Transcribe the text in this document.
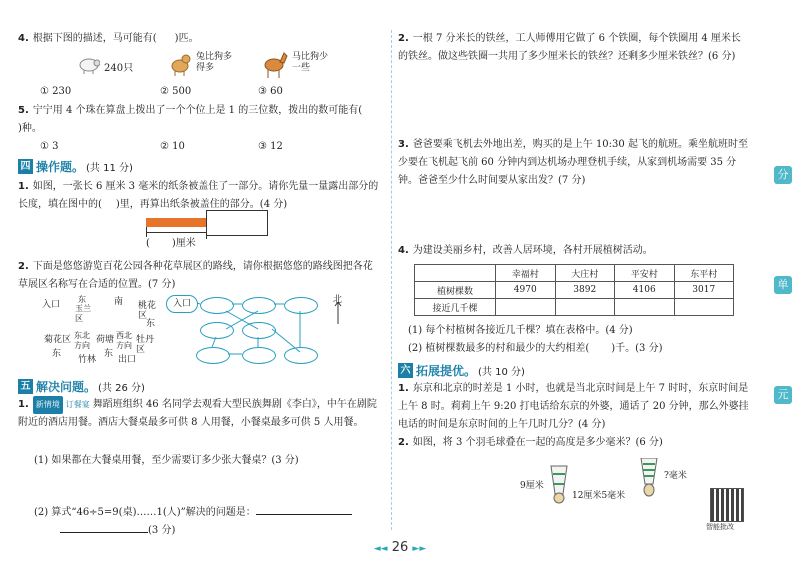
4. 根据下图的描述，马可能有( )匹。
240只
兔比狗多得多
马比狗少一些
① 230	② 500	③ 60
5. 宁宁用 4 个珠在算盘上拨出了一个个位上是 1 的三位数，拨出的数可能有()种。
① 3	② 10	③ 12
四 操作题。 (共 11 分)
1. 如图，一张长 6 厘米 3 毫米的纸条被盖住了一部分。请你先量一量露出部分的长度，填在图中的( )里，再算出纸条被盖住的部分。(4 分)
( )厘米
2. 下面是悠悠游览百花公园各种花草展区的路线，请你根据悠悠的路线图把各花草展区名称写在合适的位置。(7 分)
入口
东
玉兰区
南 桃花区
东
菊花区 东北方向
荷塘 西北方向
牡丹区
东
竹林
东
出口
入口	北
五 解决问题。 (共 26 分)
1. 新情境 订餐宴 舞蹈班组织 46 名同学去观看大型民族舞剧《李白》，中午在剧院附近的酒店用餐。酒店大餐桌最多可供 8 人用餐，小餐桌最多可供 5 人用餐。
(1) 如果都在大餐桌用餐，至少需要订多少张大餐桌？(3 分)
(2) 算式“46÷5=9(桌)……1(人)”解决的问题是：
(3 分)
2. 一根 7 分米长的铁丝，工人师傅用它做了 6 个铁圈，每个铁圈用 4 厘米长的铁丝。做这些铁圈一共用了多少厘米长的铁丝？还剩多少厘米铁丝？(6 分)
3. 爸爸要乘飞机去外地出差，购买的是上午 10:30 起飞的航班。乘坐航班时至少要在飞机起飞前 60 分钟内到达机场办理登机手续，从家到机场需要 35 分钟。爸爸至少什么时间要从家出发？(7 分)
4. 为建设美丽乡村，改善人居环境，各村开展植树活动。
	幸福村	大庄村	平安村	东平村
植树棵数	4970	3892	4106	3017
接近几千棵				
(1) 每个村植树各接近几千棵？填在表格中。(4 分)
(2) 植树棵数最多的村和最少的大约相差( )千。(3 分)
六 拓展提优。 (共 10 分)
1. 东京和北京的时差是 1 小时，也就是当北京时间是上午 7 时时，东京时间是上午 8 时。莉莉上午 9:20 打电话给东京的外婆，通话了 20 分钟，那么外婆挂电话的时间是东京时间的上午几时几分？(4 分)
2. 如图，将 3 个羽毛球叠在一起的高度是多少毫米？(6 分)
9厘米
12厘米5毫米
?毫米
智能批改
分
单
元
◄◄ 26 ►►
